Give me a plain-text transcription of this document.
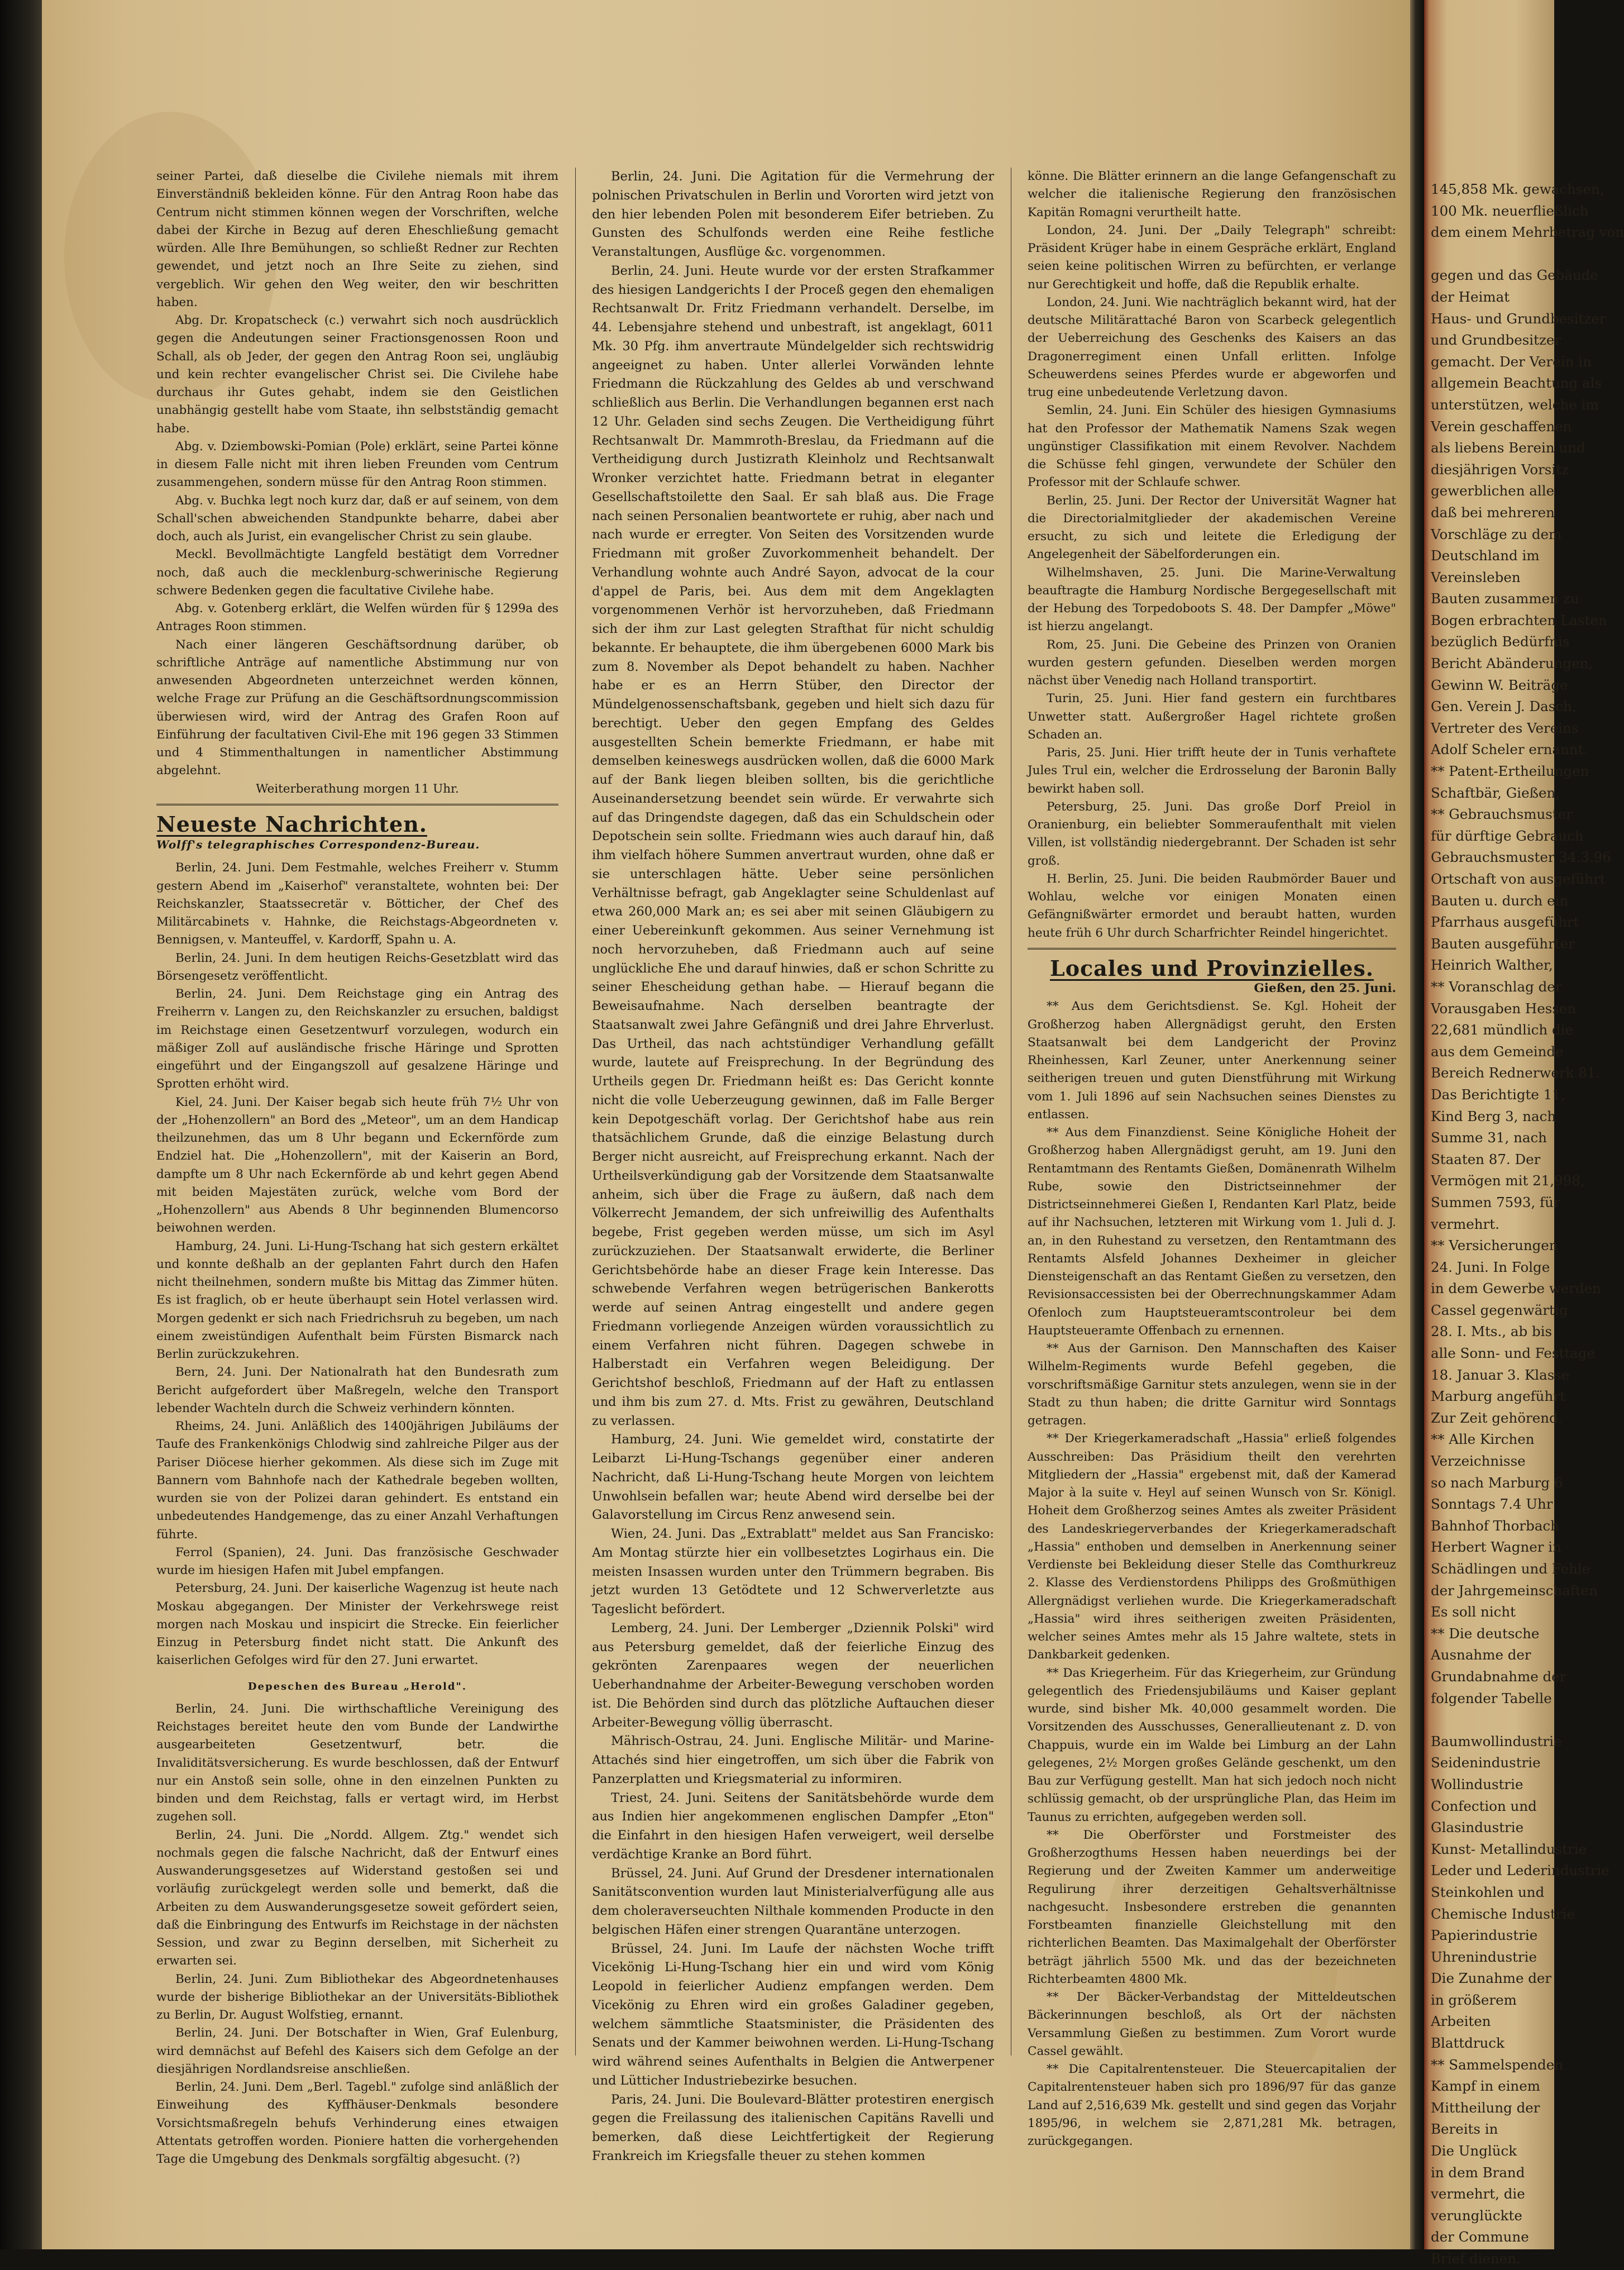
seiner Partei, daß dieselbe die Civilehe niemals mit ihrem Einverständniß bekleiden könne. Für den Antrag Roon habe das Centrum nicht stimmen können wegen der Vorschriften, welche dabei der Kirche in Bezug auf deren Eheschließung gemacht würden. Alle Ihre Bemühungen, so schließt Redner zur Rechten gewendet, und jetzt noch an Ihre Seite zu ziehen, sind vergeblich. Wir gehen den Weg weiter, den wir beschritten haben.

Abg. Dr. Kropatscheck (c.) verwahrt sich noch ausdrücklich gegen die Andeutungen seiner Fractionsgenossen Roon und Schall, als ob Jeder, der gegen den Antrag Roon sei, ungläubig und kein rechter evangelischer Christ sei. Die Civilehe habe durchaus ihr Gutes gehabt, indem sie den Geistlichen unabhängig gestellt habe vom Staate, ihn selbstständig gemacht habe.

Abg. v. Dziembowski-Pomian (Pole) erklärt, seine Partei könne in diesem Falle nicht mit ihren lieben Freunden vom Centrum zusammengehen, sondern müsse für den Antrag Roon stimmen.

Abg. v. Buchka legt noch kurz dar, daß er auf seinem, von dem Schall'schen abweichenden Standpunkte beharre, dabei aber doch, auch als Jurist, ein evangelischer Christ zu sein glaube.

Meckl. Bevollmächtigte Langfeld bestätigt dem Vorredner noch, daß auch die mecklenburg-schwerinische Regierung schwere Bedenken gegen die facultative Civilehe habe.

Abg. v. Gotenberg erklärt, die Welfen würden für § 1299a des Antrages Roon stimmen.

Nach einer längeren Geschäftsordnung darüber, ob schriftliche Anträge auf namentliche Abstimmung nur von anwesenden Abgeordneten unterzeichnet werden können, welche Frage zur Prüfung an die Geschäftsordnungscommission überwiesen wird, wird der Antrag des Grafen Roon auf Einführung der facultativen Civil-Ehe mit 196 gegen 33 Stimmen und 4 Stimmenthaltungen in namentlicher Abstimmung abgelehnt.

Weiterberathung morgen 11 Uhr.

Neueste Nachrichten.
Wolff's telegraphisches Correspondenz-Bureau.

Berlin, 24. Juni. Dem Festmahle, welches Freiherr v. Stumm gestern Abend im „Kaiserhof" veranstaltete, wohnten bei: Der Reichskanzler, Staatssecretär v. Bötticher, der Chef des Militärcabinets v. Hahnke, die Reichstags-Abgeordneten v. Bennigsen, v. Manteuffel, v. Kardorff, Spahn u. A.

Berlin, 24. Juni. In dem heutigen Reichs-Gesetzblatt wird das Börsengesetz veröffentlicht.

Berlin, 24. Juni. Dem Reichstage ging ein Antrag des Freiherrn v. Langen zu, den Reichskanzler zu ersuchen, baldigst im Reichstage einen Gesetzentwurf vorzulegen, wodurch ein mäßiger Zoll auf ausländische frische Häringe und Sprotten eingeführt und der Eingangszoll auf gesalzene Häringe und Sprotten erhöht wird.

Kiel, 24. Juni. Der Kaiser begab sich heute früh 7½ Uhr von der „Hohenzollern" an Bord des „Meteor", um an dem Handicap theilzunehmen, das um 8 Uhr begann und Eckernförde zum Endziel hat. Die „Hohenzollern", mit der Kaiserin an Bord, dampfte um 8 Uhr nach Eckernförde ab und kehrt gegen Abend mit beiden Majestäten zurück, welche vom Bord der „Hohenzollern" aus Abends 8 Uhr beginnenden Blumencorso beiwohnen werden.

Hamburg, 24. Juni. Li-Hung-Tschang hat sich gestern erkältet und konnte deßhalb an der geplanten Fahrt durch den Hafen nicht theilnehmen, sondern mußte bis Mittag das Zimmer hüten. Es ist fraglich, ob er heute überhaupt sein Hotel verlassen wird. Morgen gedenkt er sich nach Friedrichsruh zu begeben, um nach einem zweistündigen Aufenthalt beim Fürsten Bismarck nach Berlin zurückzukehren.

Bern, 24. Juni. Der Nationalrath hat den Bundesrath zum Bericht aufgefordert über Maßregeln, welche den Transport lebender Wachteln durch die Schweiz verhindern könnten.

Rheims, 24. Juni. Anläßlich des 1400jährigen Jubiläums der Taufe des Frankenkönigs Chlodwig sind zahlreiche Pilger aus der Pariser Diöcese hierher gekommen. Als diese sich im Zuge mit Bannern vom Bahnhofe nach der Kathedrale begeben wollten, wurden sie von der Polizei daran gehindert. Es entstand ein unbedeutendes Handgemenge, das zu einer Anzahl Verhaftungen führte.

Ferrol (Spanien), 24. Juni. Das französische Geschwader wurde im hiesigen Hafen mit Jubel empfangen.

Petersburg, 24. Juni. Der kaiserliche Wagenzug ist heute nach Moskau abgegangen. Der Minister der Verkehrswege reist morgen nach Moskau und inspicirt die Strecke. Ein feierlicher Einzug in Petersburg findet nicht statt. Die Ankunft des kaiserlichen Gefolges wird für den 27. Juni erwartet.

Depeschen des Bureau „Herold".

Berlin, 24. Juni. Die wirthschaftliche Vereinigung des Reichstages bereitet heute den vom Bunde der Landwirthe ausgearbeiteten Gesetzentwurf, betr. die Invaliditätsversicherung. Es wurde beschlossen, daß der Entwurf nur ein Anstoß sein solle, ohne in den einzelnen Punkten zu binden und dem Reichstag, falls er vertagt wird, im Herbst zugehen soll.

Berlin, 24. Juni. Die „Nordd. Allgem. Ztg." wendet sich nochmals gegen die falsche Nachricht, daß der Entwurf eines Auswanderungsgesetzes auf Widerstand gestoßen sei und vorläufig zurückgelegt werden solle und bemerkt, daß die Arbeiten zu dem Auswanderungsgesetze soweit gefördert seien, daß die Einbringung des Entwurfs im Reichstage in der nächsten Session, und zwar zu Beginn derselben, mit Sicherheit zu erwarten sei.

Berlin, 24. Juni. Zum Bibliothekar des Abgeordnetenhauses wurde der bisherige Bibliothekar an der Universitäts-Bibliothek zu Berlin, Dr. August Wolfstieg, ernannt.

Berlin, 24. Juni. Der Botschafter in Wien, Graf Eulenburg, wird demnächst auf Befehl des Kaisers sich dem Gefolge an der diesjährigen Nordlandsreise anschließen.

Berlin, 24. Juni. Dem „Berl. Tagebl." zufolge sind anläßlich der Einweihung des Kyffhäuser-Denkmals besondere Vorsichtsmaßregeln behufs Verhinderung eines etwaigen Attentats getroffen worden. Pioniere hatten die vorhergehenden Tage die Umgebung des Denkmals sorgfältig abgesucht. (?)

Berlin, 24. Juni. Die Agitation für die Vermehrung der polnischen Privatschulen in Berlin und Vororten wird jetzt von den hier lebenden Polen mit besonderem Eifer betrieben. Zu Gunsten des Schulfonds werden eine Reihe festliche Veranstaltungen, Ausflüge &c. vorgenommen.

Berlin, 24. Juni. Heute wurde vor der ersten Strafkammer des hiesigen Landgerichts I der Proceß gegen den ehemaligen Rechtsanwalt Dr. Fritz Friedmann verhandelt. Derselbe, im 44. Lebensjahre stehend und unbestraft, ist angeklagt, 6011 Mk. 30 Pfg. ihm anvertraute Mündelgelder sich rechtswidrig angeeignet zu haben. Unter allerlei Vorwänden lehnte Friedmann die Rückzahlung des Geldes ab und verschwand schließlich aus Berlin. Die Verhandlungen begannen erst nach 12 Uhr. Geladen sind sechs Zeugen. Die Vertheidigung führt Rechtsanwalt Dr. Mammroth-Breslau, da Friedmann auf die Vertheidigung durch Justizrath Kleinholz und Rechtsanwalt Wronker verzichtet hatte. Friedmann betrat in eleganter Gesellschaftstoilette den Saal. Er sah blaß aus. Die Frage nach seinen Personalien beantwortete er ruhig, aber nach und nach wurde er erregter. Von Seiten des Vorsitzenden wurde Friedmann mit großer Zuvorkommenheit behandelt. Der Verhandlung wohnte auch André Sayon, advocat de la cour d'appel de Paris, bei. Aus dem mit dem Angeklagten vorgenommenen Verhör ist hervorzuheben, daß Friedmann sich der ihm zur Last gelegten Strafthat für nicht schuldig bekannte. Er behauptete, die ihm übergebenen 6000 Mark bis zum 8. November als Depot behandelt zu haben. Nachher habe er es an Herrn Stüber, den Director der Mündelgenossenschaftsbank, gegeben und hielt sich dazu für berechtigt. Ueber den gegen Empfang des Geldes ausgestellten Schein bemerkte Friedmann, er habe mit demselben keineswegs ausdrücken wollen, daß die 6000 Mark auf der Bank liegen bleiben sollten, bis die gerichtliche Auseinandersetzung beendet sein würde. Er verwahrte sich auf das Dringendste dagegen, daß das ein Schuldschein oder Depotschein sein sollte. Friedmann wies auch darauf hin, daß ihm vielfach höhere Summen anvertraut wurden, ohne daß er sie unterschlagen hätte. Ueber seine persönlichen Verhältnisse befragt, gab Angeklagter seine Schuldenlast auf etwa 260,000 Mark an; es sei aber mit seinen Gläubigern zu einer Uebereinkunft gekommen. Aus seiner Vernehmung ist noch hervorzuheben, daß Friedmann auch auf seine unglückliche Ehe und darauf hinwies, daß er schon Schritte zu seiner Ehescheidung gethan habe. — Hierauf begann die Beweisaufnahme. Nach derselben beantragte der Staatsanwalt zwei Jahre Gefängniß und drei Jahre Ehrverlust. Das Urtheil, das nach achtstündiger Verhandlung gefällt wurde, lautete auf Freisprechung. In der Begründung des Urtheils gegen Dr. Friedmann heißt es: Das Gericht konnte nicht die volle Ueberzeugung gewinnen, daß im Falle Berger kein Depotgeschäft vorlag. Der Gerichtshof habe aus rein thatsächlichem Grunde, daß die einzige Belastung durch Berger nicht ausreicht, auf Freisprechung erkannt. Nach der Urtheilsverkündigung gab der Vorsitzende dem Staatsanwalte anheim, sich über die Frage zu äußern, daß nach dem Völkerrecht Jemandem, der sich unfreiwillig des Aufenthalts begebe, Frist gegeben werden müsse, um sich im Asyl zurückzuziehen. Der Staatsanwalt erwiderte, die Berliner Gerichtsbehörde habe an dieser Frage kein Interesse. Das schwebende Verfahren wegen betrügerischen Bankerotts werde auf seinen Antrag eingestellt und andere gegen Friedmann vorliegende Anzeigen würden voraussichtlich zu einem Verfahren nicht führen. Dagegen schwebe in Halberstadt ein Verfahren wegen Beleidigung. Der Gerichtshof beschloß, Friedmann auf der Haft zu entlassen und ihm bis zum 27. d. Mts. Frist zu gewähren, Deutschland zu verlassen.

Hamburg, 24. Juni. Wie gemeldet wird, constatirte der Leibarzt Li-Hung-Tschangs gegenüber einer anderen Nachricht, daß Li-Hung-Tschang heute Morgen von leichtem Unwohlsein befallen war; heute Abend wird derselbe bei der Galavorstellung im Circus Renz anwesend sein.

Wien, 24. Juni. Das „Extrablatt" meldet aus San Francisko: Am Montag stürzte hier ein vollbesetztes Logirhaus ein. Die meisten Insassen wurden unter den Trümmern begraben. Bis jetzt wurden 13 Getödtete und 12 Schwerverletzte aus Tageslicht befördert.

Lemberg, 24. Juni. Der Lemberger „Dziennik Polski" wird aus Petersburg gemeldet, daß der feierliche Einzug des gekrönten Zarenpaares wegen der neuerlichen Ueberhandnahme der Arbeiter-Bewegung verschoben worden ist. Die Behörden sind durch das plötzliche Auftauchen dieser Arbeiter-Bewegung völlig überrascht.

Mährisch-Ostrau, 24. Juni. Englische Militär- und Marine-Attachés sind hier eingetroffen, um sich über die Fabrik von Panzerplatten und Kriegsmaterial zu informiren.

Triest, 24. Juni. Seitens der Sanitätsbehörde wurde dem aus Indien hier angekommenen englischen Dampfer „Eton" die Einfahrt in den hiesigen Hafen verweigert, weil derselbe verdächtige Kranke an Bord führt.

Brüssel, 24. Juni. Auf Grund der Dresdener internationalen Sanitätsconvention wurden laut Ministerialverfügung alle aus dem choleraverseuchten Nilthale kommenden Producte in den belgischen Häfen einer strengen Quarantäne unterzogen.

Brüssel, 24. Juni. Im Laufe der nächsten Woche trifft Vicekönig Li-Hung-Tschang hier ein und wird vom König Leopold in feierlicher Audienz empfangen werden. Dem Vicekönig zu Ehren wird ein großes Galadiner gegeben, welchem sämmtliche Staatsminister, die Präsidenten des Senats und der Kammer beiwohnen werden. Li-Hung-Tschang wird während seines Aufenthalts in Belgien die Antwerpener und Lütticher Industriebezirke besuchen.

Paris, 24. Juni. Die Boulevard-Blätter protestiren energisch gegen die Freilassung des italienischen Capitäns Ravelli und bemerken, daß diese Leichtfertigkeit der Regierung Frankreich im Kriegsfalle theuer zu stehen kommen

könne. Die Blätter erinnern an die lange Gefangenschaft zu welcher die italienische Regierung den französischen Kapitän Romagni verurtheilt hatte.

London, 24. Juni. Der „Daily Telegraph" schreibt: Präsident Krüger habe in einem Gespräche erklärt, England seien keine politischen Wirren zu befürchten, er verlange nur Gerechtigkeit und hoffe, daß die Republik erhalte.

London, 24. Juni. Wie nachträglich bekannt wird, hat der deutsche Militärattaché Baron von Scarbeck gelegentlich der Ueberreichung des Geschenks des Kaisers an das Dragonerregiment einen Unfall erlitten. Infolge Scheuwerdens seines Pferdes wurde er abgeworfen und trug eine unbedeutende Verletzung davon.

Semlin, 24. Juni. Ein Schüler des hiesigen Gymnasiums hat den Professor der Mathematik Namens Szak wegen ungünstiger Classifikation mit einem Revolver. Nachdem die Schüsse fehl gingen, verwundete der Schüler den Professor mit der Schlaufe schwer.

Berlin, 25. Juni. Der Rector der Universität Wagner hat die Directorialmitglieder der akademischen Vereine ersucht, zu sich und leitete die Erledigung der Angelegenheit der Säbelforderungen ein.

Wilhelmshaven, 25. Juni. Die Marine-Verwaltung beauftragte die Hamburg Nordische Bergegesellschaft mit der Hebung des Torpedoboots S. 48. Der Dampfer „Möwe" ist hierzu angelangt.

Rom, 25. Juni. Die Gebeine des Prinzen von Oranien wurden gestern gefunden. Dieselben werden morgen nächst über Venedig nach Holland transportirt.

Turin, 25. Juni. Hier fand gestern ein furchtbares Unwetter statt. Außergroßer Hagel richtete großen Schaden an.

Paris, 25. Juni. Hier trifft heute der in Tunis verhaftete Jules Trul ein, welcher die Erdrosselung der Baronin Bally bewirkt haben soll.

Petersburg, 25. Juni. Das große Dorf Preiol in Oranienburg, ein beliebter Sommeraufenthalt mit vielen Villen, ist vollständig niedergebrannt. Der Schaden ist sehr groß.

H. Berlin, 25. Juni. Die beiden Raubmörder Bauer und Wohlau, welche vor einigen Monaten einen Gefängnißwärter ermordet und beraubt hatten, wurden heute früh 6 Uhr durch Scharfrichter Reindel hingerichtet.

Locales und Provinzielles.

Gießen, den 25. Juni.

** Aus dem Gerichtsdienst. Se. Kgl. Hoheit der Großherzog haben Allergnädigst geruht, den Ersten Staatsanwalt bei dem Landgericht der Provinz Rheinhessen, Karl Zeuner, unter Anerkennung seiner seitherigen treuen und guten Dienstführung mit Wirkung vom 1. Juli 1896 auf sein Nachsuchen seines Dienstes zu entlassen.

** Aus dem Finanzdienst. Seine Königliche Hoheit der Großherzog haben Allergnädigst geruht, am 19. Juni den Rentamtmann des Rentamts Gießen, Domänenrath Wilhelm Rube, sowie den Districtseinnehmer der Districtseinnehmerei Gießen I, Rendanten Karl Platz, beide auf ihr Nachsuchen, letzteren mit Wirkung vom 1. Juli d. J. an, in den Ruhestand zu versetzen, den Rentamtmann des Rentamts Alsfeld Johannes Dexheimer in gleicher Diensteigenschaft an das Rentamt Gießen zu versetzen, den Revisionsaccessisten bei der Oberrechnungskammer Adam Ofenloch zum Hauptsteueramtscontroleur bei dem Hauptsteueramte Offenbach zu ernennen.

** Aus der Garnison. Den Mannschaften des Kaiser Wilhelm-Regiments wurde Befehl gegeben, die vorschriftsmäßige Garnitur stets anzulegen, wenn sie in der Stadt zu thun haben; die dritte Garnitur wird Sonntags getragen.

** Der Kriegerkameradschaft „Hassia" erließ folgendes Ausschreiben: Das Präsidium theilt den verehrten Mitgliedern der „Hassia" ergebenst mit, daß der Kamerad Major à la suite v. Heyl auf seinen Wunsch von Sr. Königl. Hoheit dem Großherzog seines Amtes als zweiter Präsident des Landeskriegerverbandes der Kriegerkameradschaft „Hassia" enthoben und demselben in Anerkennung seiner Verdienste bei Bekleidung dieser Stelle das Comthurkreuz 2. Klasse des Verdienstordens Philipps des Großmüthigen Allergnädigst verliehen wurde. Die Kriegerkameradschaft „Hassia" wird ihres seitherigen zweiten Präsidenten, welcher seines Amtes mehr als 15 Jahre waltete, stets in Dankbarkeit gedenken.

** Das Kriegerheim. Für das Kriegerheim, zur Gründung gelegentlich des Friedensjubiläums und Kaiser geplant wurde, sind bisher Mk. 40,000 gesammelt worden. Die Vorsitzenden des Ausschusses, Generallieutenant z. D. von Chappuis, wurde ein im Walde bei Limburg an der Lahn gelegenes, 2½ Morgen großes Gelände geschenkt, um den Bau zur Verfügung gestellt. Man hat sich jedoch noch nicht schlüssig gemacht, ob der ursprüngliche Plan, das Heim im Taunus zu errichten, aufgegeben werden soll.

** Die Oberförster und Forstmeister des Großherzogthums Hessen haben neuerdings bei der Regierung und der Zweiten Kammer um anderweitige Regulirung ihrer derzeitigen Gehaltsverhältnisse nachgesucht. Insbesondere erstreben die genannten Forstbeamten finanzielle Gleichstellung mit den richterlichen Beamten. Das Maximalgehalt der Oberförster beträgt jährlich 5500 Mk. und das der bezeichneten Richterbeamten 4800 Mk.

** Der Bäcker-Verbandstag der Mitteldeutschen Bäckerinnungen beschloß, als Ort der nächsten Versammlung Gießen zu bestimmen. Zum Vorort wurde Cassel gewählt.

** Die Capitalrentensteuer. Die Steuercapitalien der Capitalrentensteuer haben sich pro 1896/97 für das ganze Land auf 2,516,639 Mk. gestellt und sind gegen das Vorjahr 1895/96, in welchem sie 2,871,281 Mk. betragen, zurückgegangen.

145,858 Mk. gewachsen,
100 Mk. neuerfließlich
dem einem Mehrbetrag von

gegen und das Gebäude
der Heimat
Haus- und Grundbesitzer
und Grundbesitzer
gemacht. Der Verein in
allgemein Beachtung als
unterstützen, welche im
Verein geschaffenen
als liebens Berein und
diesjährigen Vorsitz
gewerblichen alle
daß bei mehreren
Vorschläge zu dem
Deutschland im
Vereinsleben
Bauten zusammen zu
Bogen erbrachten Lasten
bezüglich Bedürfnis
Bericht Abänderungen,
Gewinn W. Beiträge
Gen. Verein J. Dasch,
Vertreter des Vereins
Adolf Scheler ernannt.
** Patent-Ertheilungen
Schaftbär, Gießen,
** Gebrauchsmuster
für dürftige Gebrauch
Gebrauchsmuster 34.3.96
Ortschaft von ausgeführt
Bauten u. durch ein
Pfarrhaus ausgeführt
Bauten ausgeführter
Heinrich Walther,
** Voranschlag der
Vorausgaben Hessen
22,681 mündlich die
aus dem Gemeinde
Bereich Rednerwerk 81.
Das Berichtigte 11,
Kind Berg 3, nach
Summe 31, nach
Staaten 87. Der
Vermögen mit 21,998,
Summen 7593, für
vermehrt.
** Versicherungen
24. Juni. In Folge
in dem Gewerbe werden
Cassel gegenwärtig
28. I. Mts., ab bis
alle Sonn- und Festtage
18. Januar 3. Klasse
Marburg angeführt
Zur Zeit gehörend.
** Alle Kirchen
Verzeichnisse
so nach Marburg 6
Sonntags 7.4 Uhr
Bahnhof Thorbach
Herbert Wagner in
Schädlingen und Fehle
der Jahrgemeinschaften
Es soll nicht
** Die deutsche
Ausnahme der
Grundabnahme der
folgender Tabelle

Baumwollindustrie
Seidenindustrie
Wollindustrie
Confection und
Glasindustrie
Kunst- Metallindustrie
Leder und Lederindustrie
Steinkohlen und
Chemische Industrie
Papierindustrie
Uhrenindustrie
Die Zunahme der
in größerem
Arbeiten
Blattdruck
** Sammelspenden
Kampf in einem
Mittheilung der
Bereits in
Die Unglück
in dem Brand
vermehrt, die
verunglückte
der Commune
Brief dienen.
